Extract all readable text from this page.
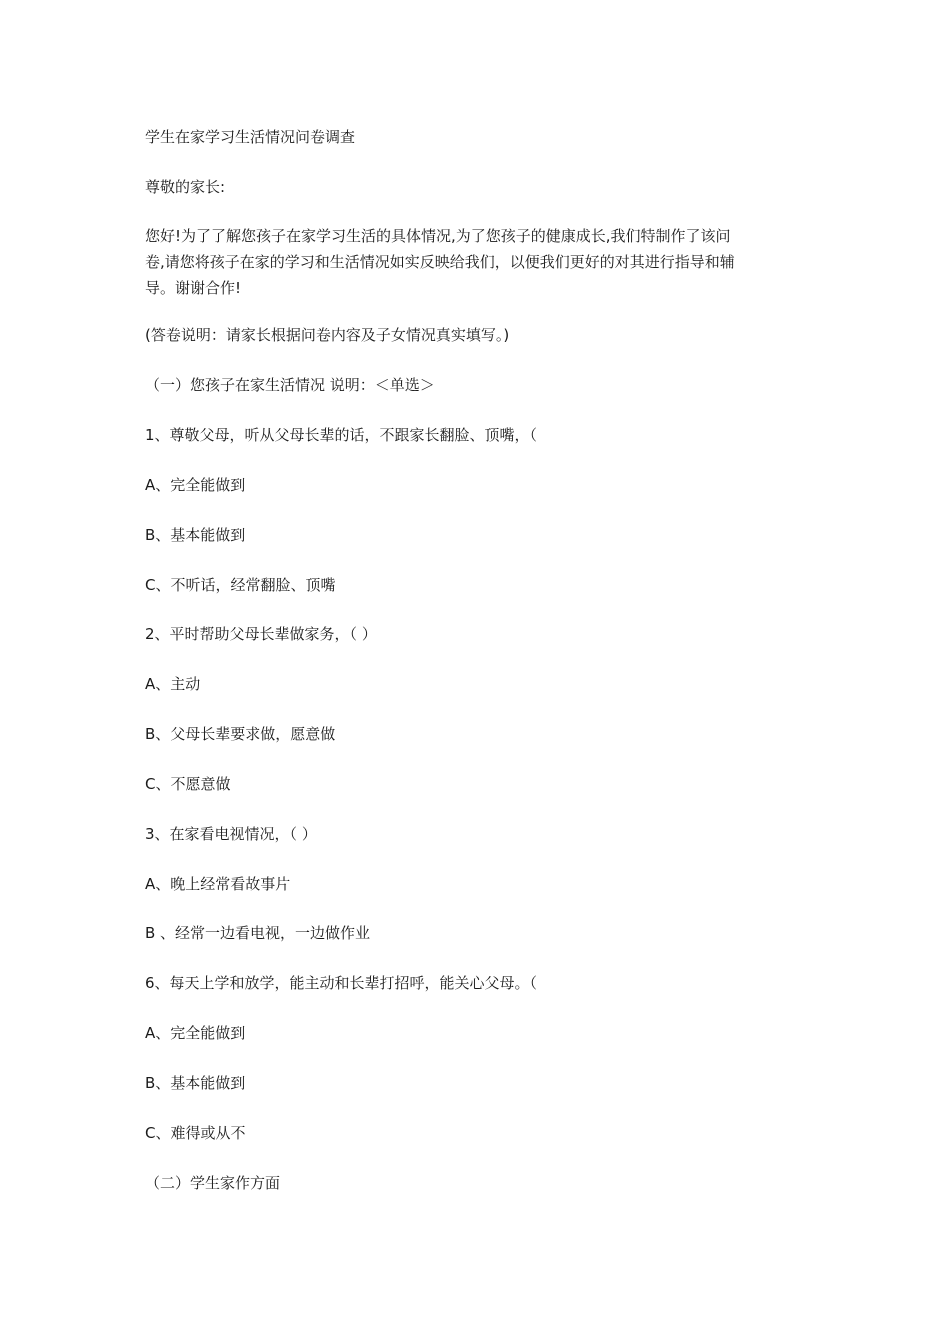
学生在家学习生活情况问卷调查
尊敬的家长:
您好!为了了解您孩子在家学习生活的具体情况,为了您孩子的健康成长,我们特制作了该问
卷,请您将孩子在家的学习和生活情况如实反映给我们，以便我们更好的对其进行指导和辅
导。谢谢合作!
(答卷说明：请家长根据问卷内容及子女情况真实填写。)
（一）您孩子在家生活情况 说明：＜单选＞
1、尊敬父母，听从父母长辈的话，不跟家长翻脸、顶嘴，（
A、完全能做到
B、基本能做到
C、不听话，经常翻脸、顶嘴
2、平时帮助父母长辈做家务，（ ）
A、主动
B、父母长辈要求做，愿意做
C、不愿意做
3、在家看电视情况，（ ）
A、晚上经常看故事片
B 、经常一边看电视，一边做作业
6、每天上学和放学，能主动和长辈打招呼，能关心父母。（
A、完全能做到
B、基本能做到
C、难得或从不
（二）学生家作方面
